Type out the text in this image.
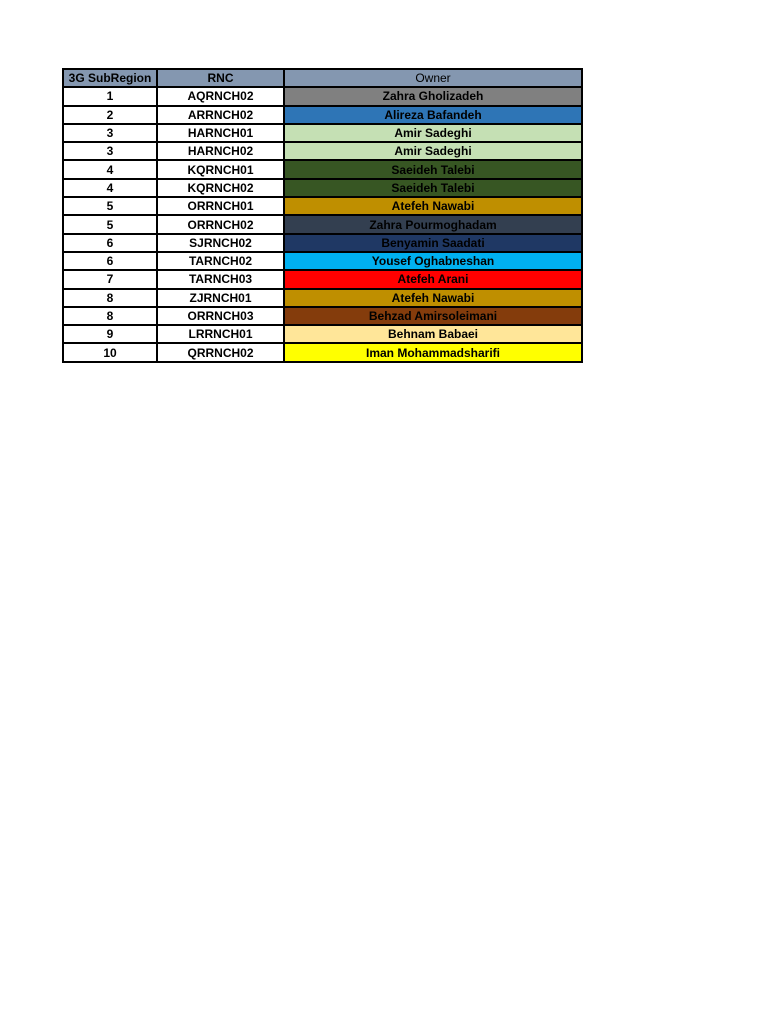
3G SubRegion	RNC	Owner
1	AQRNCH02	Zahra Gholizadeh
2	ARRNCH02	Alireza Bafandeh
3	HARNCH01	Amir Sadeghi
3	HARNCH02	Amir Sadeghi
4	KQRNCH01	Saeideh Talebi
4	KQRNCH02	Saeideh Talebi
5	ORRNCH01	Atefeh Nawabi
5	ORRNCH02	Zahra Pourmoghadam
6	SJRNCH02	Benyamin Saadati
6	TARNCH02	Yousef Oghabneshan
7	TARNCH03	Atefeh Arani
8	ZJRNCH01	Atefeh Nawabi
8	ORRNCH03	Behzad Amirsoleimani
9	LRRNCH01	Behnam Babaei
10	QRRNCH02	Iman Mohammadsharifi
